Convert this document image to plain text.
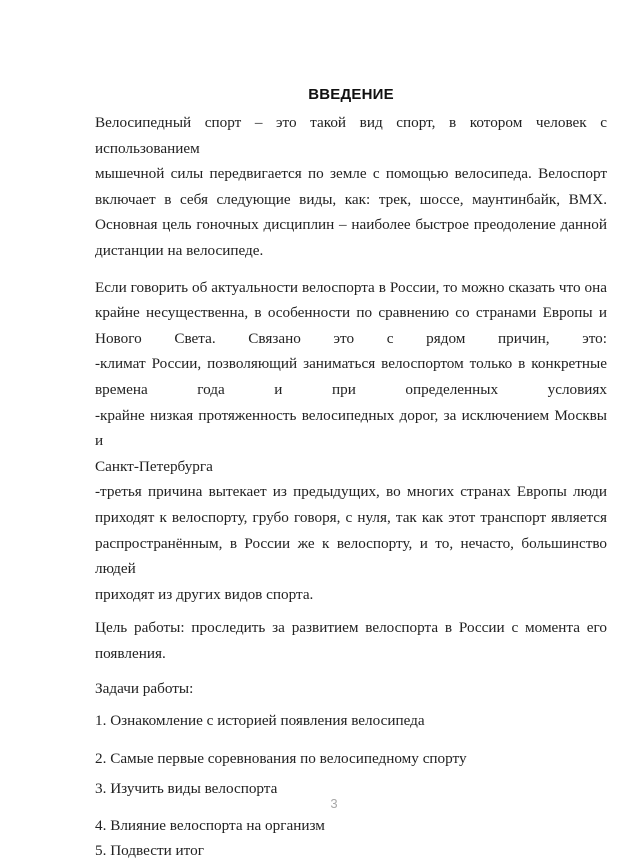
ВВЕДЕНИЕ
Велосипедный спорт – это такой вид спорт, в котором человек с использованием
мышечной силы передвигается по земле с помощью велосипеда. Велоспорт
включает в себя следующие виды, как: трек, шоссе, маунтинбайк, BMX.
Основная цель гоночных дисциплин – наиболее быстрое преодоление данной
дистанции на велосипеде.
Если говорить об актуальности велоспорта в России, то можно сказать что она
крайне несущественна, в особенности по сравнению со странами Европы и
Нового Света. Связано это с рядом причин, это:
-климат России, позволяющий заниматься велоспортом только в конкретные
времена года и при определенных условиях
-крайне низкая протяженность велосипедных дорог, за исключением Москвы и
Санкт-Петербурга
-третья причина вытекает из предыдущих, во многих странах Европы люди
приходят к велоспорту, грубо говоря, с нуля, так как этот транспорт является
распространённым, в России же к велоспорту, и то, нечасто, большинство людей
приходят из других видов спорта.
Цель работы: проследить за развитием велоспорта в России с момента его
появления.
Задачи работы:
1. Ознакомление с историей появления велосипеда
2. Самые первые соревнования по велосипедному спорту
3. Изучить виды велоспорта
4. Влияние велоспорта на организм
5. Подвести итог
3
